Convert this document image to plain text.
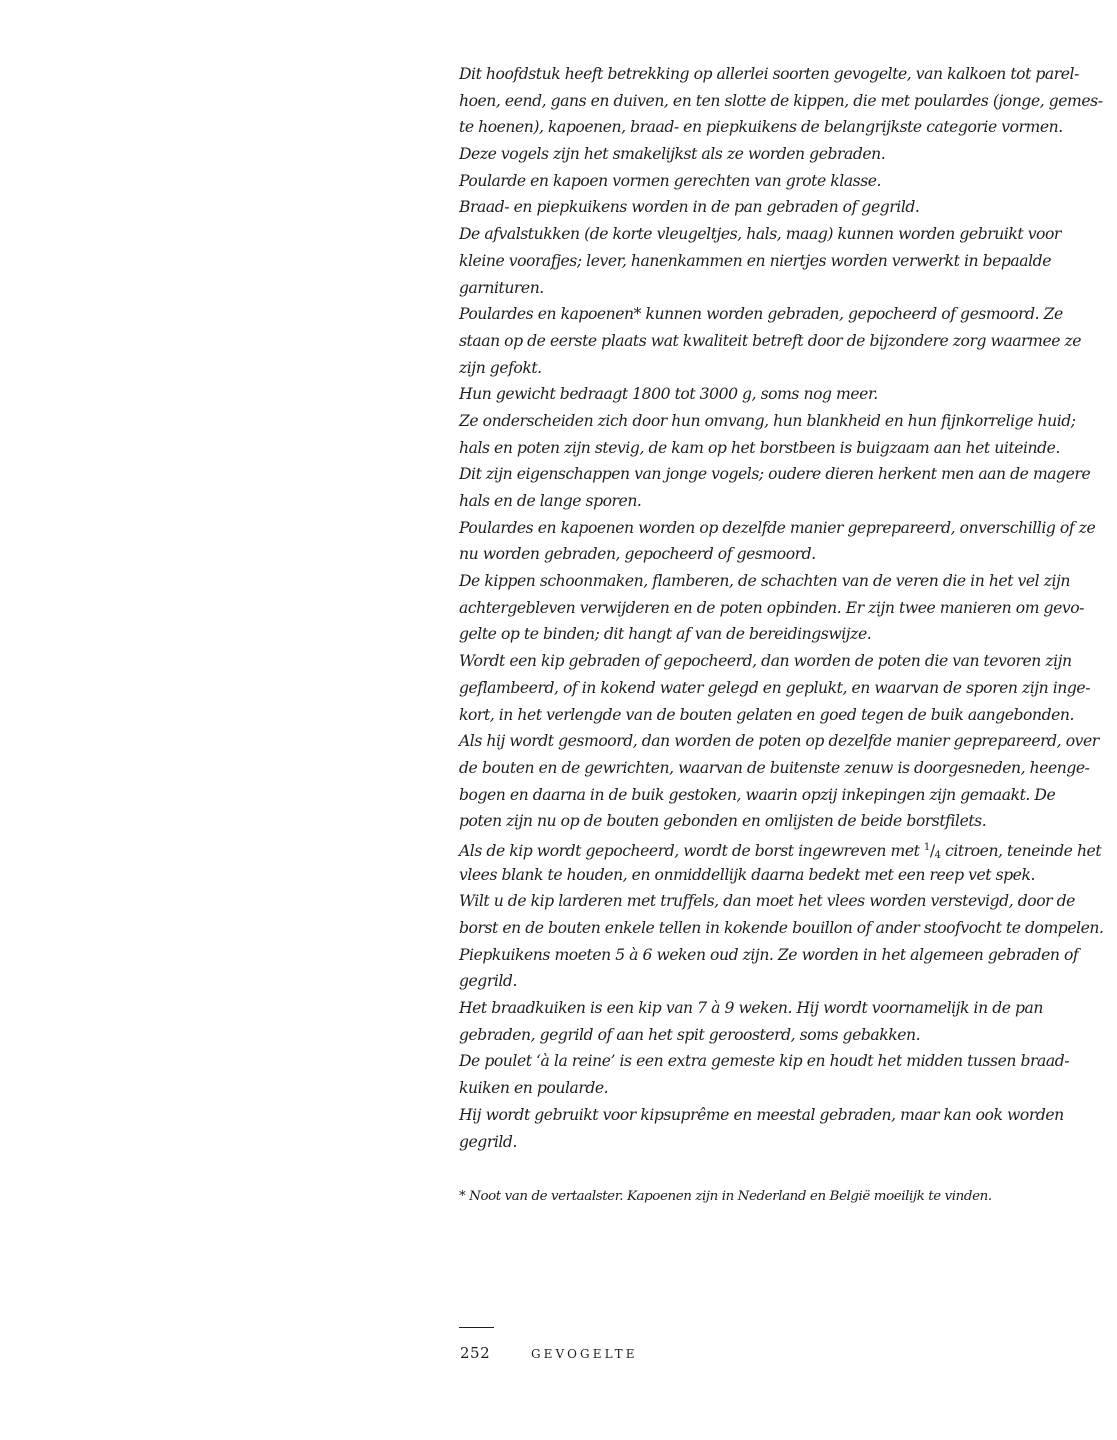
Dit hoofdstuk heeft betrekking op allerlei soorten gevogelte, van kalkoen tot parel-
hoen, eend, gans en duiven, en ten slotte de kippen, die met poulardes (jonge, gemes-
te hoenen), kapoenen, braad- en piepkuikens de belangrijkste categorie vormen.
Deze vogels zijn het smakelijkst als ze worden gebraden.
Poularde en kapoen vormen gerechten van grote klasse.
Braad- en piepkuikens worden in de pan gebraden of gegrild.
De afvalstukken (de korte vleugeltjes, hals, maag) kunnen worden gebruikt voor
kleine voorafjes; lever, hanenkammen en niertjes worden verwerkt in bepaalde
garnituren.
Poulardes en kapoenen* kunnen worden gebraden, gepocheerd of gesmoord. Ze
staan op de eerste plaats wat kwaliteit betreft door de bijzondere zorg waarmee ze
zijn gefokt.
Hun gewicht bedraagt 1800 tot 3000 g, soms nog meer.
Ze onderscheiden zich door hun omvang, hun blankheid en hun fijnkorrelige huid;
hals en poten zijn stevig, de kam op het borstbeen is buigzaam aan het uiteinde.
Dit zijn eigenschappen van jonge vogels; oudere dieren herkent men aan de magere
hals en de lange sporen.
Poulardes en kapoenen worden op dezelfde manier geprepareerd, onverschillig of ze
nu worden gebraden, gepocheerd of gesmoord.
De kippen schoonmaken, flamberen, de schachten van de veren die in het vel zijn
achtergebleven verwijderen en de poten opbinden. Er zijn twee manieren om gevo-
gelte op te binden; dit hangt af van de bereidingswijze.
Wordt een kip gebraden of gepocheerd, dan worden de poten die van tevoren zijn
geflambeerd, of in kokend water gelegd en geplukt, en waarvan de sporen zijn inge-
kort, in het verlengde van de bouten gelaten en goed tegen de buik aangebonden.
Als hij wordt gesmoord, dan worden de poten op dezelfde manier geprepareerd, over
de bouten en de gewrichten, waarvan de buitenste zenuw is doorgesneden, heenge-
bogen en daarna in de buik gestoken, waarin opzij inkepingen zijn gemaakt. De
poten zijn nu op de bouten gebonden en omlijsten de beide borstfilets.
Als de kip wordt gepocheerd, wordt de borst ingewreven met $^1$/4 citroen, teneinde het
vlees blank te houden, en onmiddellijk daarna bedekt met een reep vet spek.
Wilt u de kip larderen met truffels, dan moet het vlees worden verstevigd, door de
borst en de bouten enkele tellen in kokende bouillon of ander stoofvocht te dompelen.
Piepkuikens moeten 5 à 6 weken oud zijn. Ze worden in het algemeen gebraden of
gegrild.
Het braadkuiken is een kip van 7 à 9 weken. Hij wordt voornamelijk in de pan
gebraden, gegrild of aan het spit geroosterd, soms gebakken.
De poulet ‘à la reine’ is een extra gemeste kip en houdt het midden tussen braad-
kuiken en poularde.
Hij wordt gebruikt voor kipsuprême en meestal gebraden, maar kan ook worden
gegrild.
* Noot van de vertaalster. Kapoenen zijn in Nederland en België moeilijk te vinden.
252	GEVOGELTE
